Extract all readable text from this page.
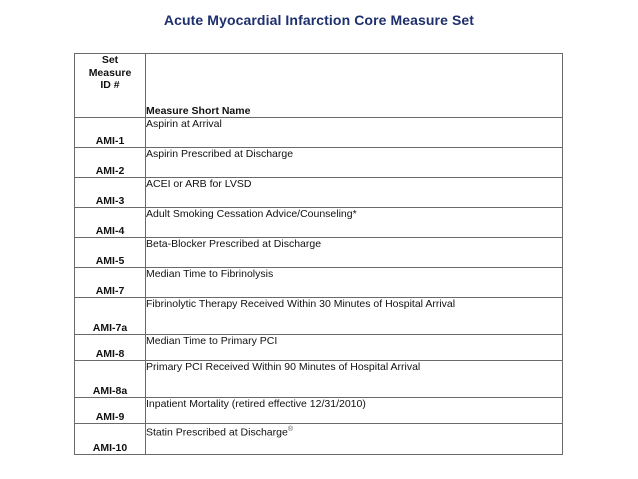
Acute Myocardial Infarction Core Measure Set
Set
Measure
ID #	Measure Short Name
AMI-1	Aspirin at Arrival
AMI-2	Aspirin Prescribed at Discharge
AMI-3	ACEI or ARB for LVSD
AMI-4	Adult Smoking Cessation Advice/Counseling*
AMI-5	Beta-Blocker Prescribed at Discharge
AMI-7	Median Time to Fibrinolysis
AMI-7a	Fibrinolytic Therapy Received Within 30 Minutes of Hospital Arrival
AMI-8	Median Time to Primary PCI
AMI-8a	Primary PCI Received Within 90 Minutes of Hospital Arrival
AMI-9	Inpatient Mortality (retired effective 12/31/2010)
AMI-10	Statin Prescribed at Discharge®
